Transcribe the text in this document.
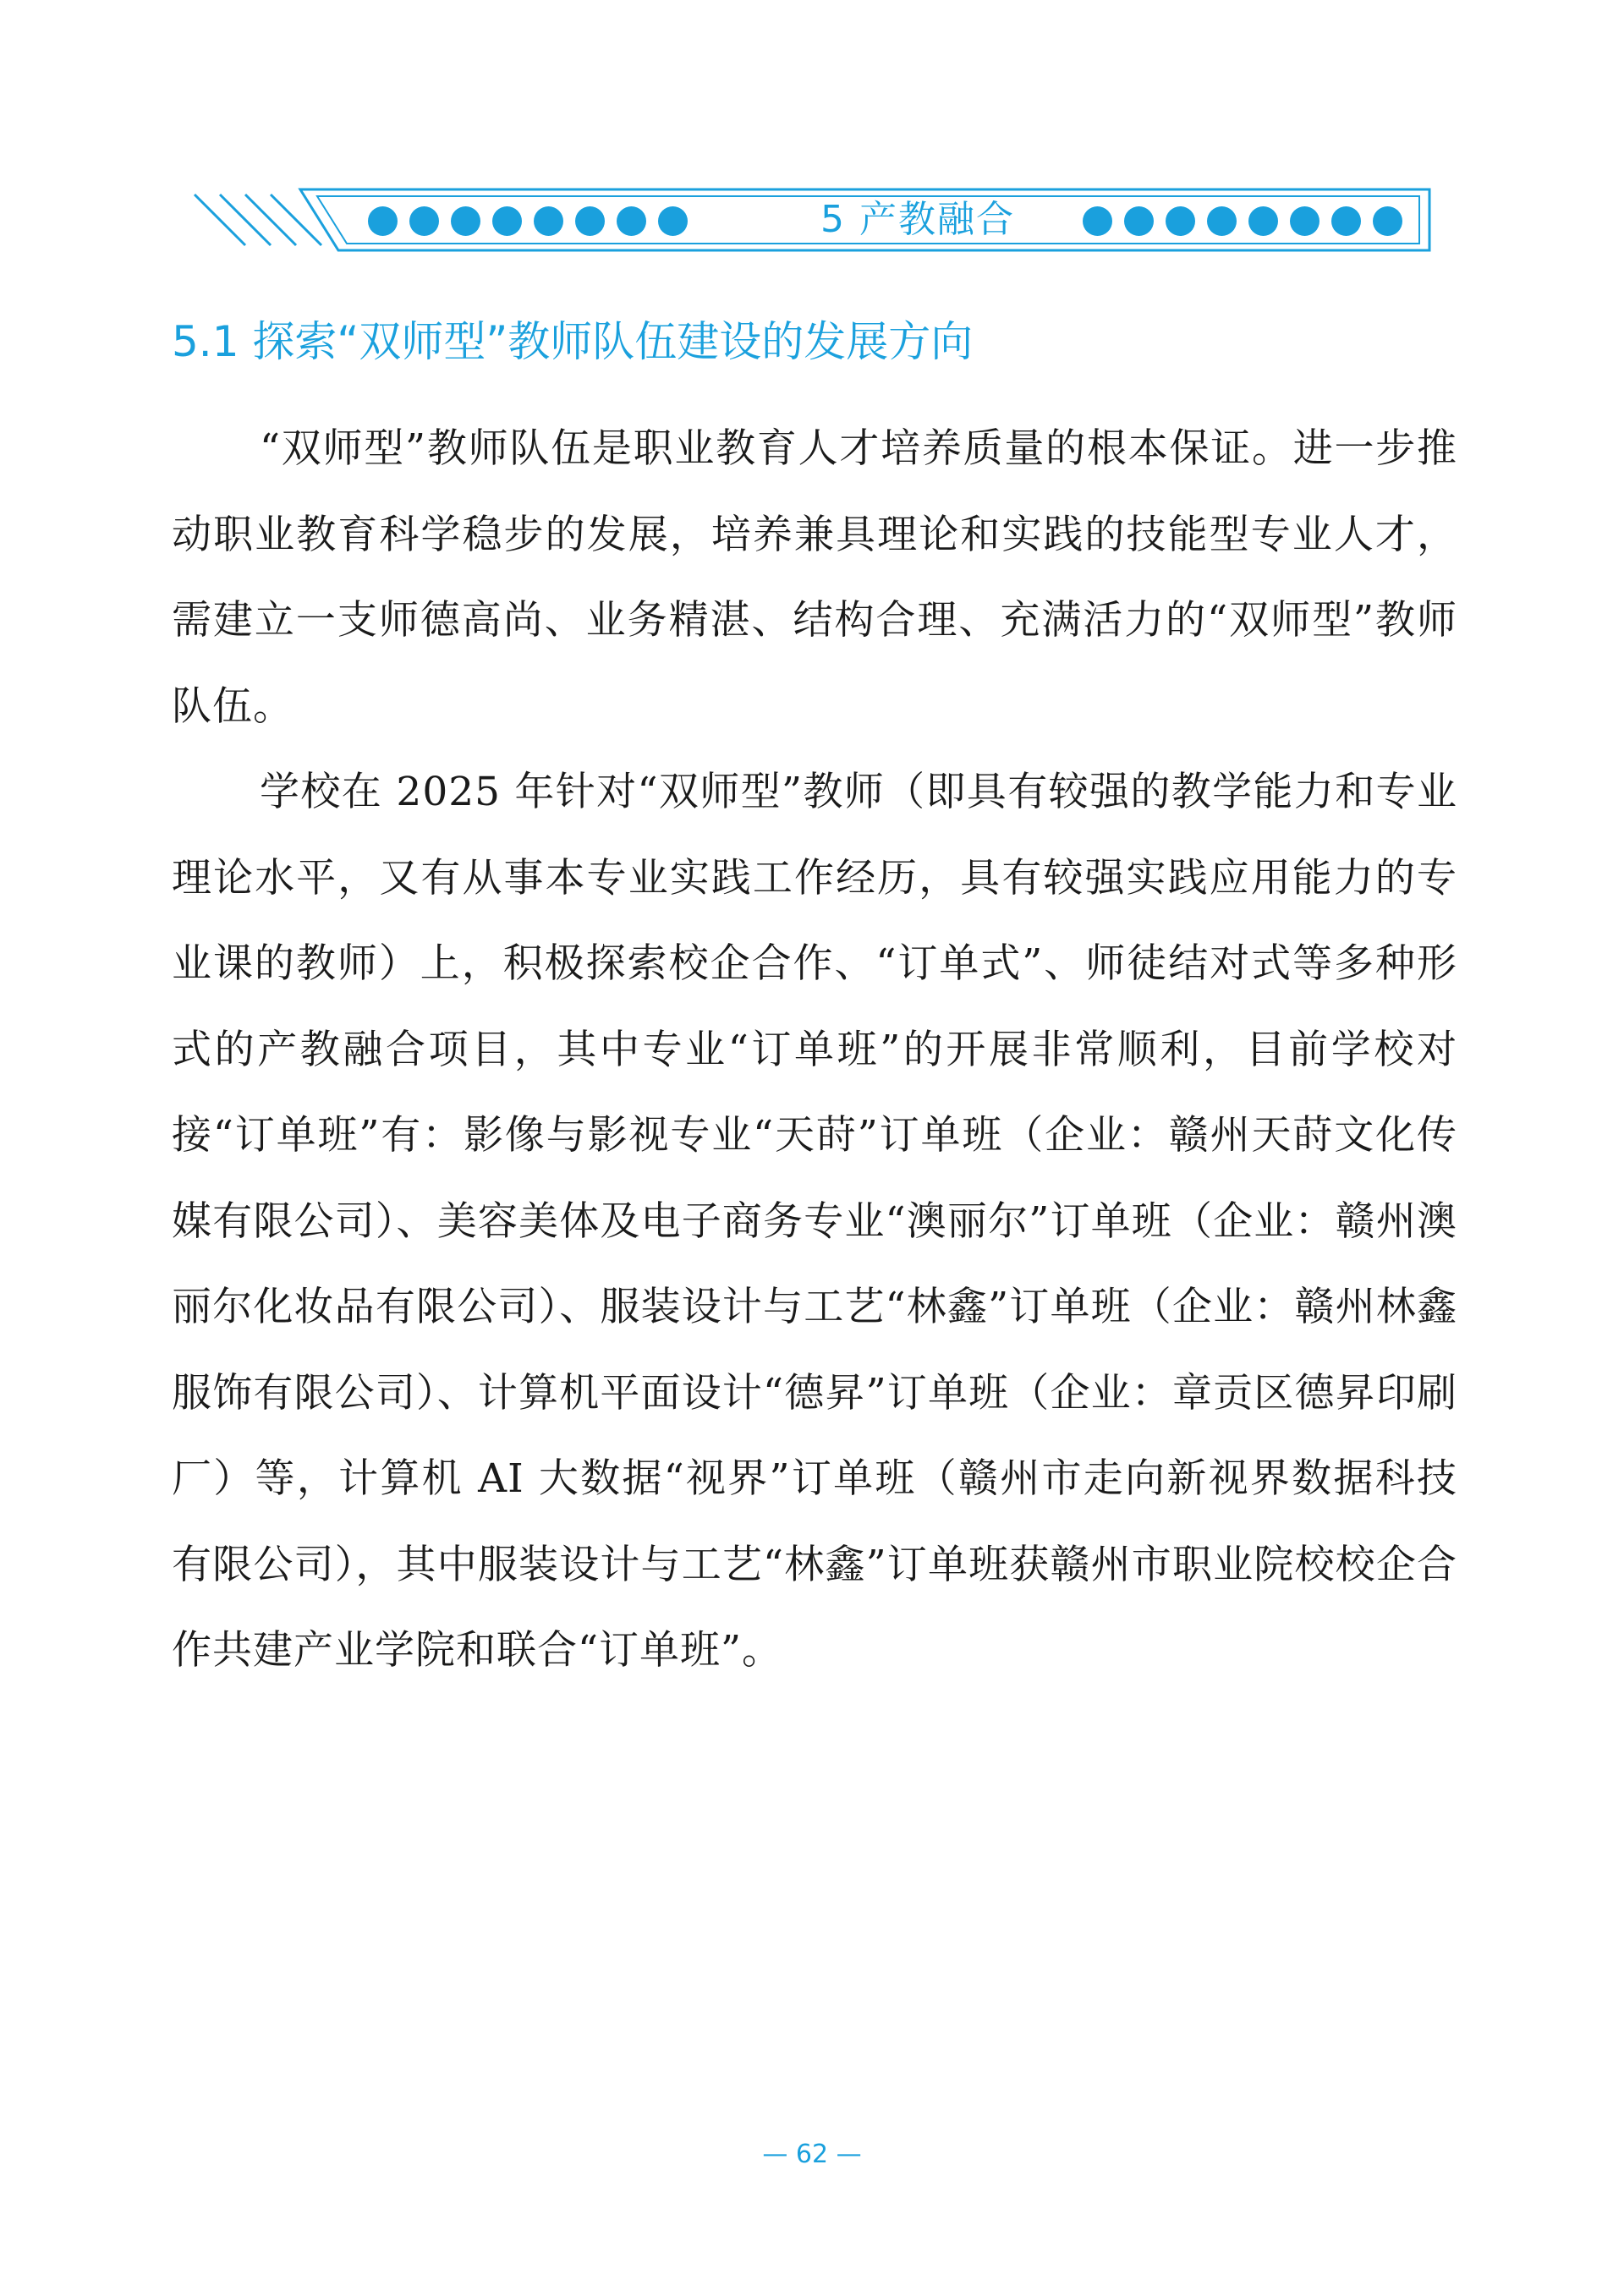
5 产教融合
5.1 探索“双师型”教师队伍建设的发展方向

“双师型”教师队伍是职业教育人才培养质量的根本保证。进一步推动职业教育科学稳步的发展，培养兼具理论和实践的技能型专业人才，需建立一支师德高尚、业务精湛、结构合理、充满活力的“双师型”教师队伍。

学校在 2025 年针对“双师型”教师（即具有较强的教学能力和专业理论水平，又有从事本专业实践工作经历，具有较强实践应用能力的专业课的教师）上，积极探索校企合作、“订单式”、师徒结对式等多种形式的产教融合项目，其中专业“订单班”的开展非常顺利，目前学校对接“订单班”有：影像与影视专业“天莳”订单班（企业：赣州天莳文化传媒有限公司）、美容美体及电子商务专业“澳丽尔”订单班（企业：赣州澳丽尔化妆品有限公司）、服装设计与工艺“林鑫”订单班（企业：赣州林鑫服饰有限公司）、计算机平面设计“德昇”订单班（企业：章贡区德昇印刷厂）等，计算机 AI 大数据“视界”订单班（赣州市走向新视界数据科技有限公司），其中服装设计与工艺“林鑫”订单班获赣州市职业院校校企合作共建产业学院和联合“订单班”。

— 62 —
